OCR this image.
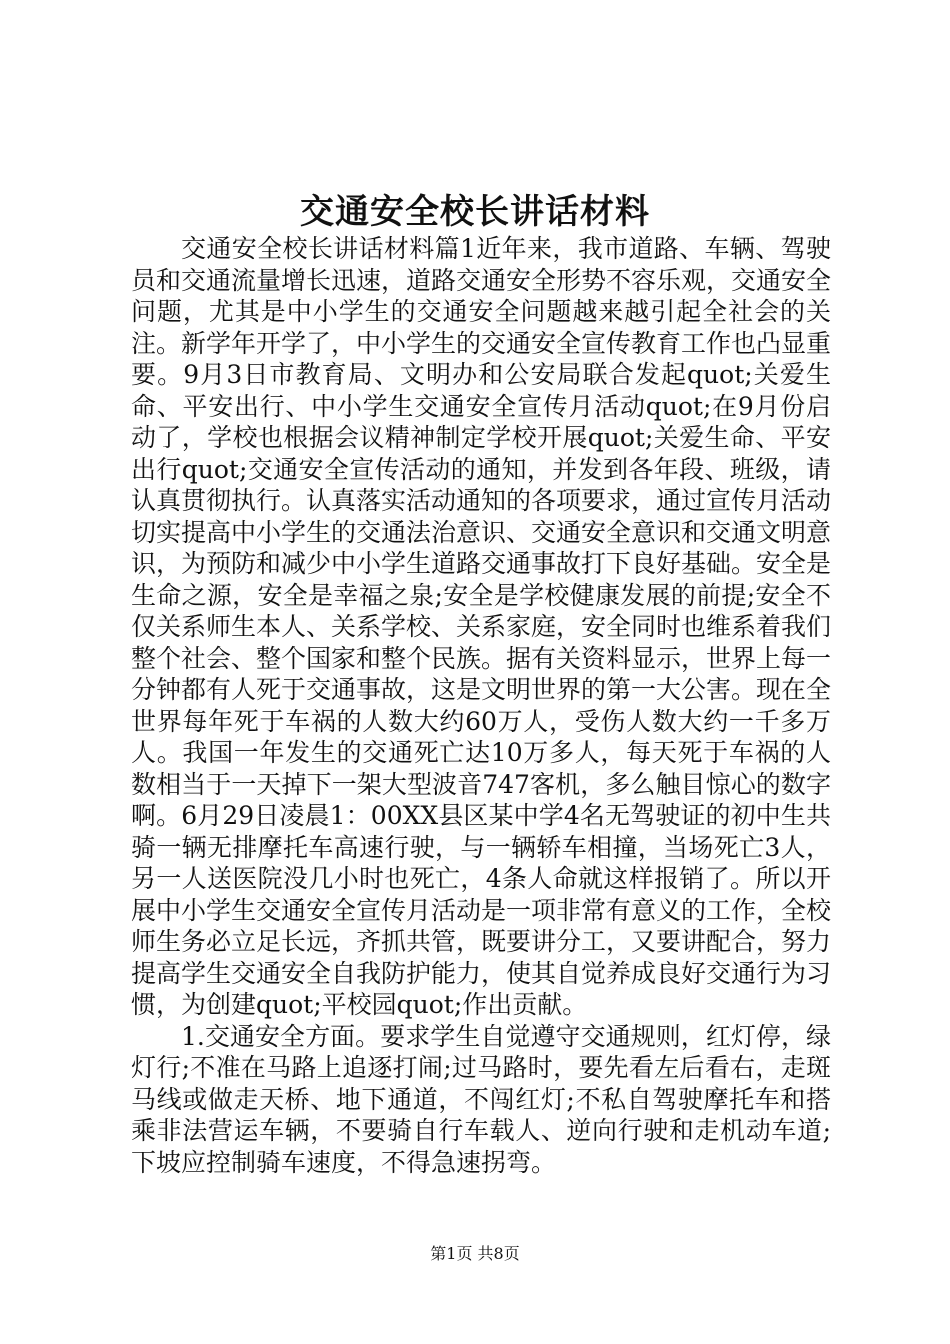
交通安全校长讲话材料

交通安全校长讲话材料篇1近年来，我市道路、车辆、驾驶员和交通流量增长迅速，道路交通安全形势不容乐观，交通安全问题，尤其是中小学生的交通安全问题越来越引起全社会的关注。新学年开学了，中小学生的交通安全宣传教育工作也凸显重要。9月3日市教育局、文明办和公安局联合发起quot;关爱生命、平安出行、中小学生交通安全宣传月活动quot;在9月份启动了，学校也根据会议精神制定学校开展quot;关爱生命、平安出行quot;交通安全宣传活动的通知，并发到各年段、班级，请认真贯彻执行。认真落实活动通知的各项要求，通过宣传月活动切实提高中小学生的交通法治意识、交通安全意识和交通文明意识，为预防和减少中小学生道路交通事故打下良好基础。安全是生命之源，安全是幸福之泉;安全是学校健康发展的前提;安全不仅关系师生本人、关系学校、关系家庭，安全同时也维系着我们整个社会、整个国家和整个民族。据有关资料显示，世界上每一分钟都有人死于交通事故，这是文明世界的第一大公害。现在全世界每年死于车祸的人数大约60万人，受伤人数大约一千多万人。我国一年发生的交通死亡达10万多人，每天死于车祸的人数相当于一天掉下一架大型波音747客机，多么触目惊心的数字啊。6月29日凌晨1：00XX县区某中学4名无驾驶证的初中生共骑一辆无排摩托车高速行驶，与一辆轿车相撞，当场死亡3人，另一人送医院没几小时也死亡，4条人命就这样报销了。所以开展中小学生交通安全宣传月活动是一项非常有意义的工作，全校师生务必立足长远，齐抓共管，既要讲分工，又要讲配合，努力提高学生交通安全自我防护能力，使其自觉养成良好交通行为习惯，为创建quot;平校园quot;作出贡献。

1.交通安全方面。要求学生自觉遵守交通规则，红灯停，绿灯行;不准在马路上追逐打闹;过马路时，要先看左后看右，走斑马线或做走天桥、地下通道，不闯红灯;不私自驾驶摩托车和搭乘非法营运车辆，不要骑自行车载人、逆向行驶和走机动车道;下坡应控制骑车速度，不得急速拐弯。

第1页 共8页
